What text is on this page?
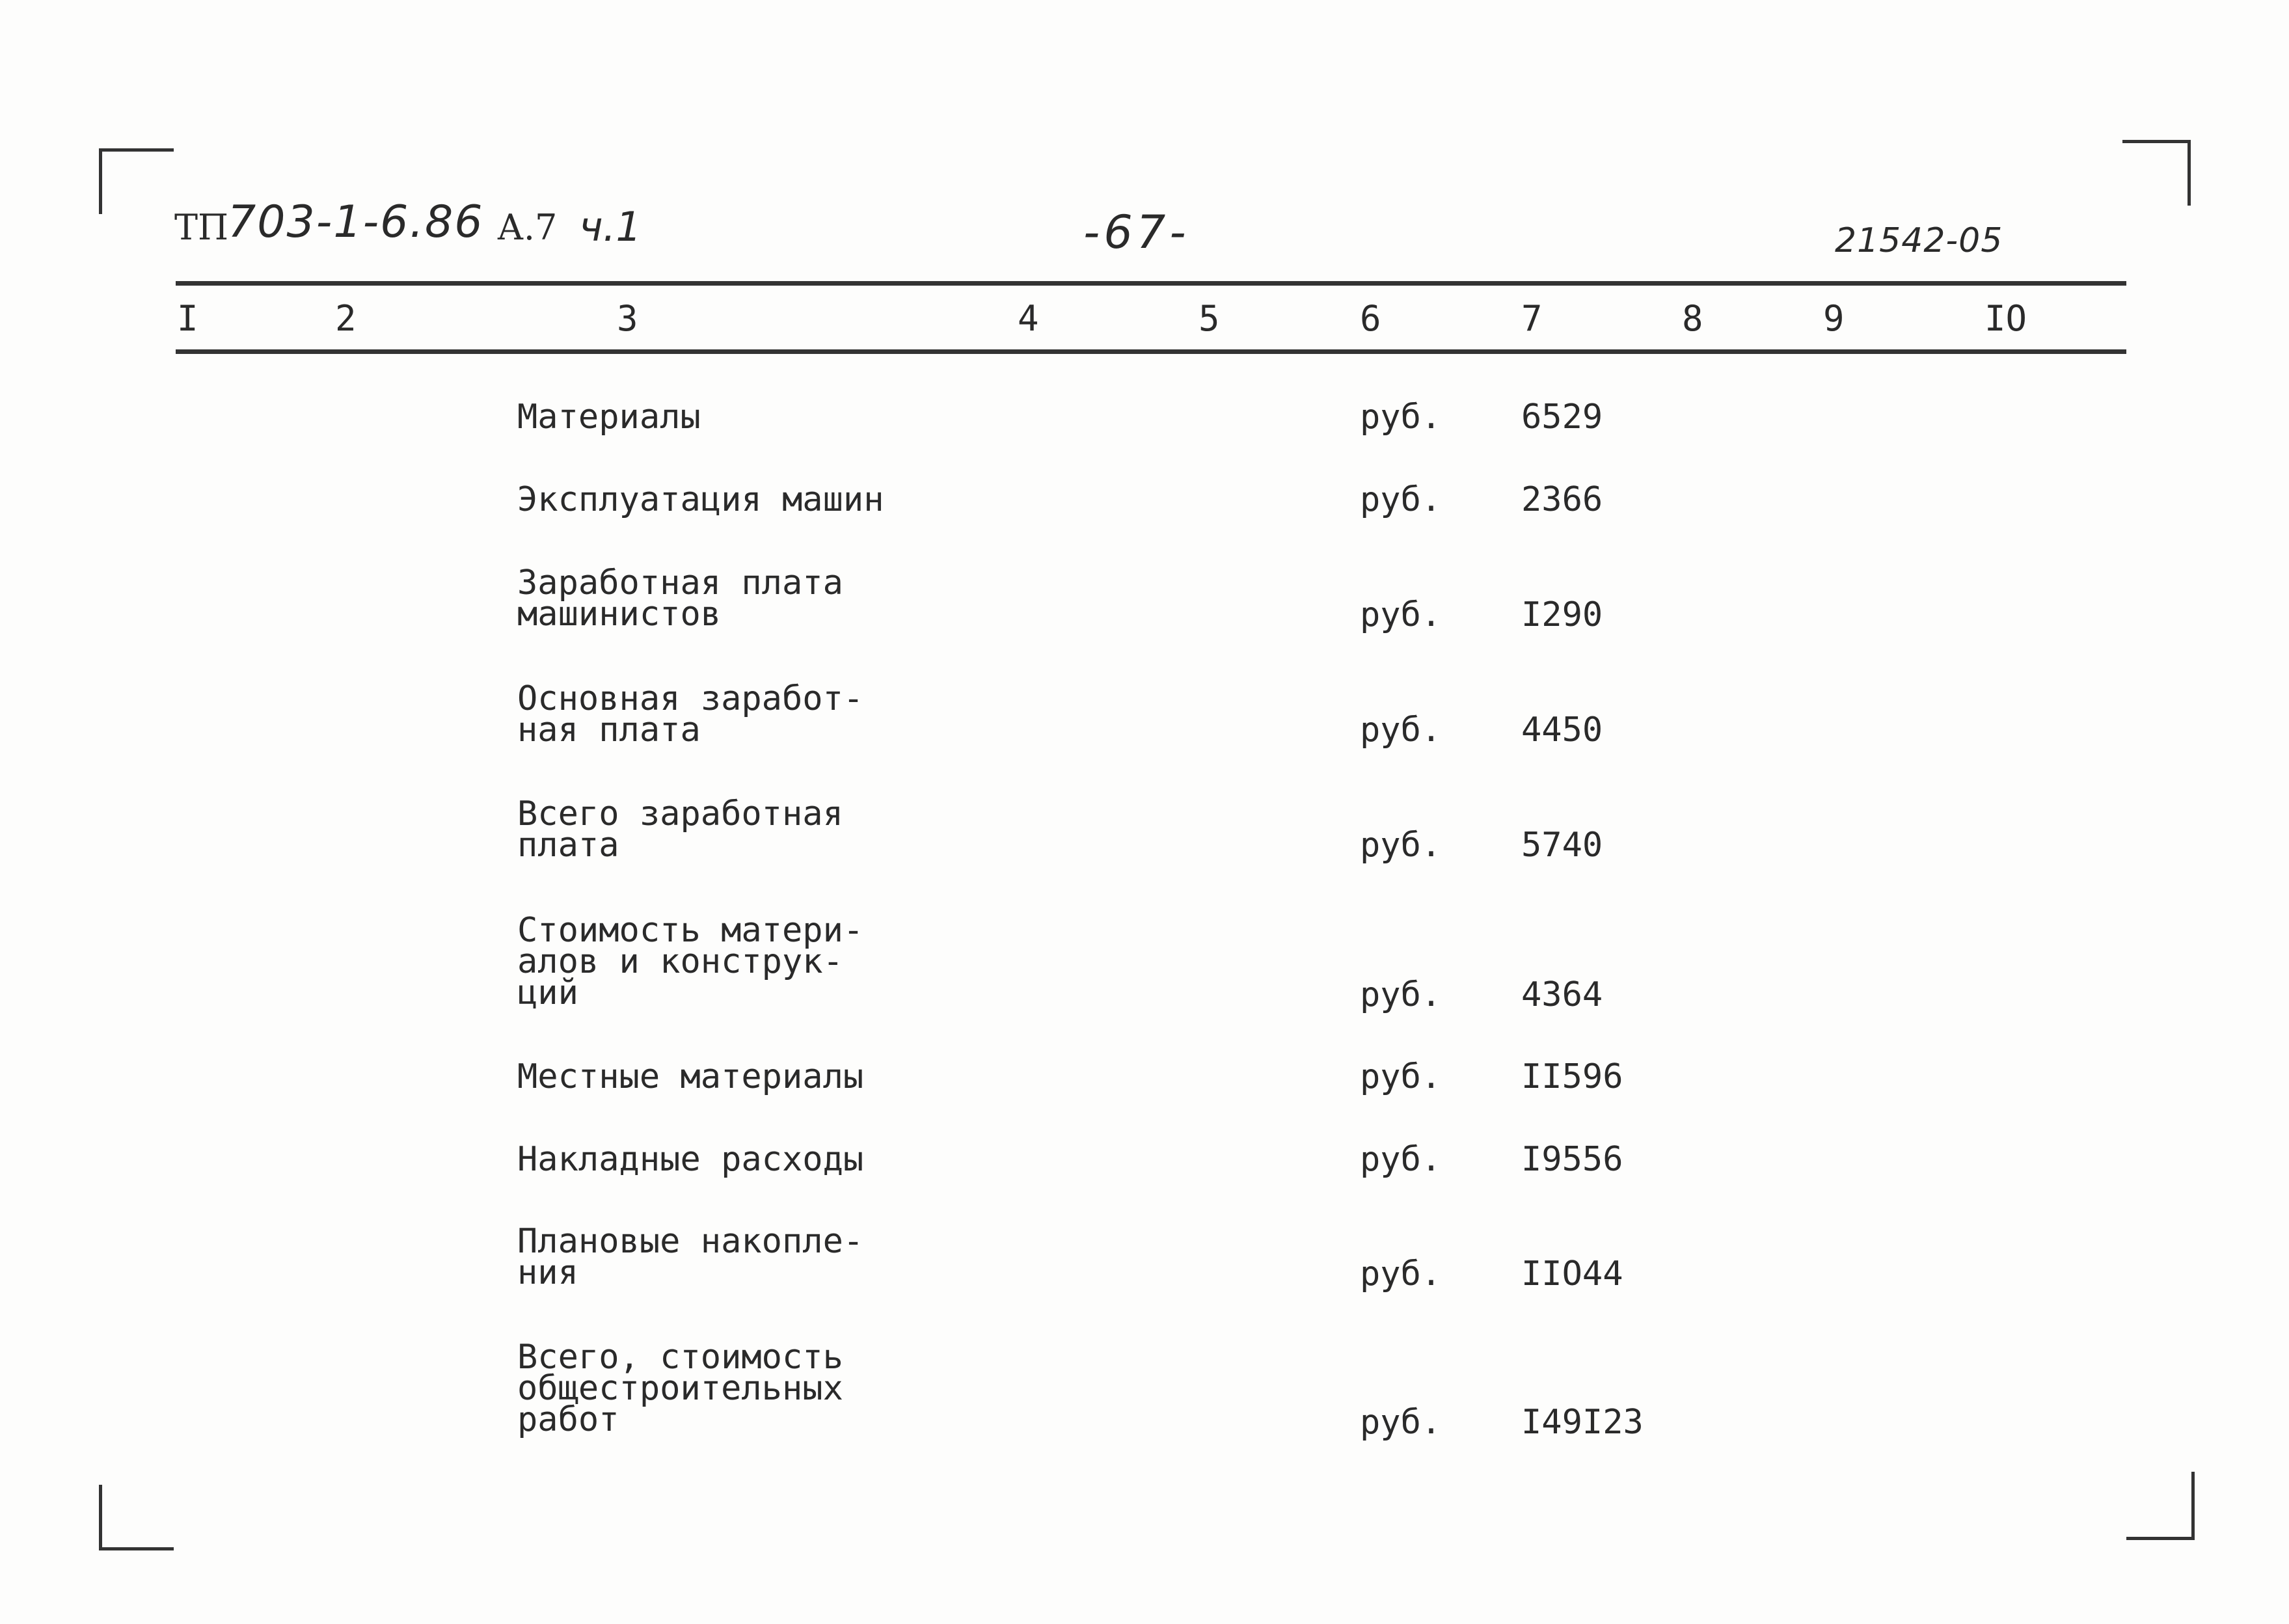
ТП
703-1-6.86 А.7 ч.1	-67-	21542-05
I	2	3	4	5	6	7	8	9	IO
Материалы	руб. 6529
Эксплуатация машин	руб. 2366
Заработная плата
машинистов	руб. I290
Основная заработ-
ная плата	руб. 4450
Всего заработная
плата	руб. 5740
Стоимость матери-
алов и конструк-
ций	руб. 4364
Местные материалы	руб. II596
Накладные расходы	руб. I9556
Плановые накопле-
ния	руб. IIO44
Всего, стоимость
общестроительных
работ	руб. I49I23
